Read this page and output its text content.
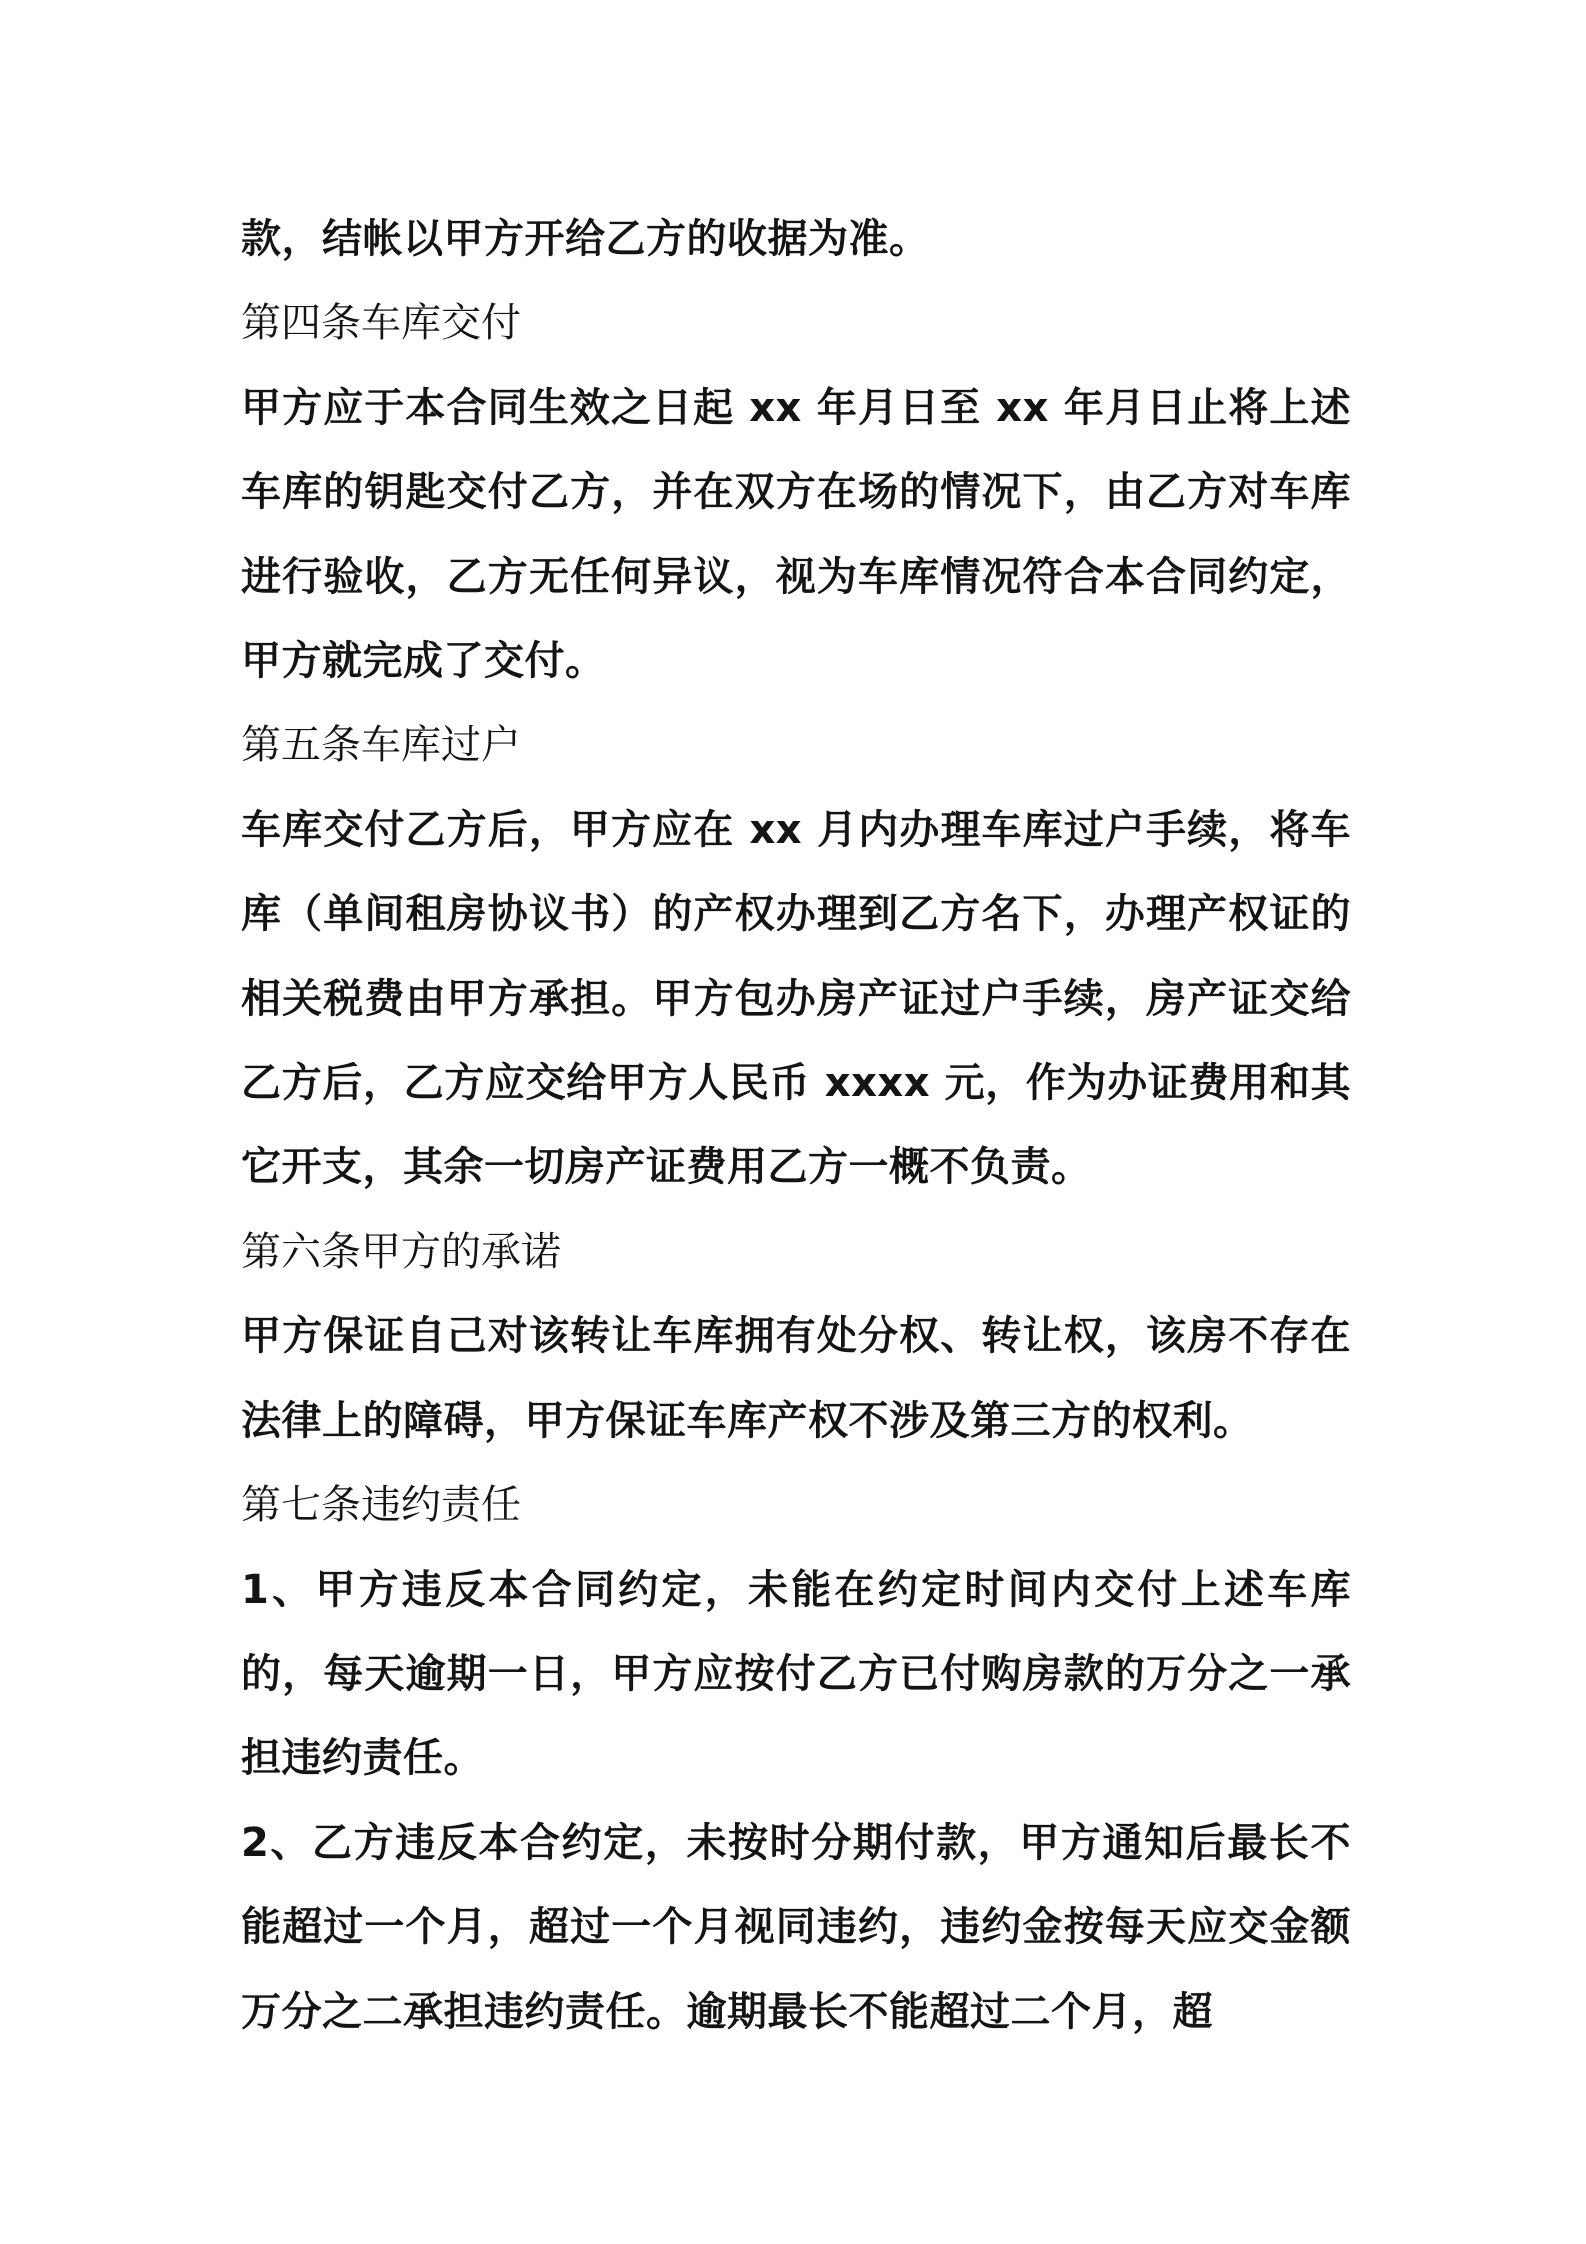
款，结帐以甲方开给乙方的收据为准。

第四条车库交付

甲方应于本合同生效之日起 xx 年月日至 xx 年月日止将上述车库的钥匙交付乙方，并在双方在场的情况下，由乙方对车库进行验收，乙方无任何异议，视为车库情况符合本合同约定，甲方就完成了交付。

第五条车库过户

车库交付乙方后，甲方应在 xx 月内办理车库过户手续，将车库（单间租房协议书）的产权办理到乙方名下，办理产权证的相关税费由甲方承担。甲方包办房产证过户手续，房产证交给乙方后，乙方应交给甲方人民币 xxxx 元，作为办证费用和其它开支，其余一切房产证费用乙方一概不负责。

第六条甲方的承诺

甲方保证自己对该转让车库拥有处分权、转让权，该房不存在法律上的障碍，甲方保证车库产权不涉及第三方的权利。

第七条违约责任

1、甲方违反本合同约定，未能在约定时间内交付上述车库的，每天逾期一日，甲方应按付乙方已付购房款的万分之一承担违约责任。

2、乙方违反本合约定，未按时分期付款，甲方通知后最长不能超过一个月，超过一个月视同违约，违约金按每天应交金额万分之二承担违约责任。逾期最长不能超过二个月，超
